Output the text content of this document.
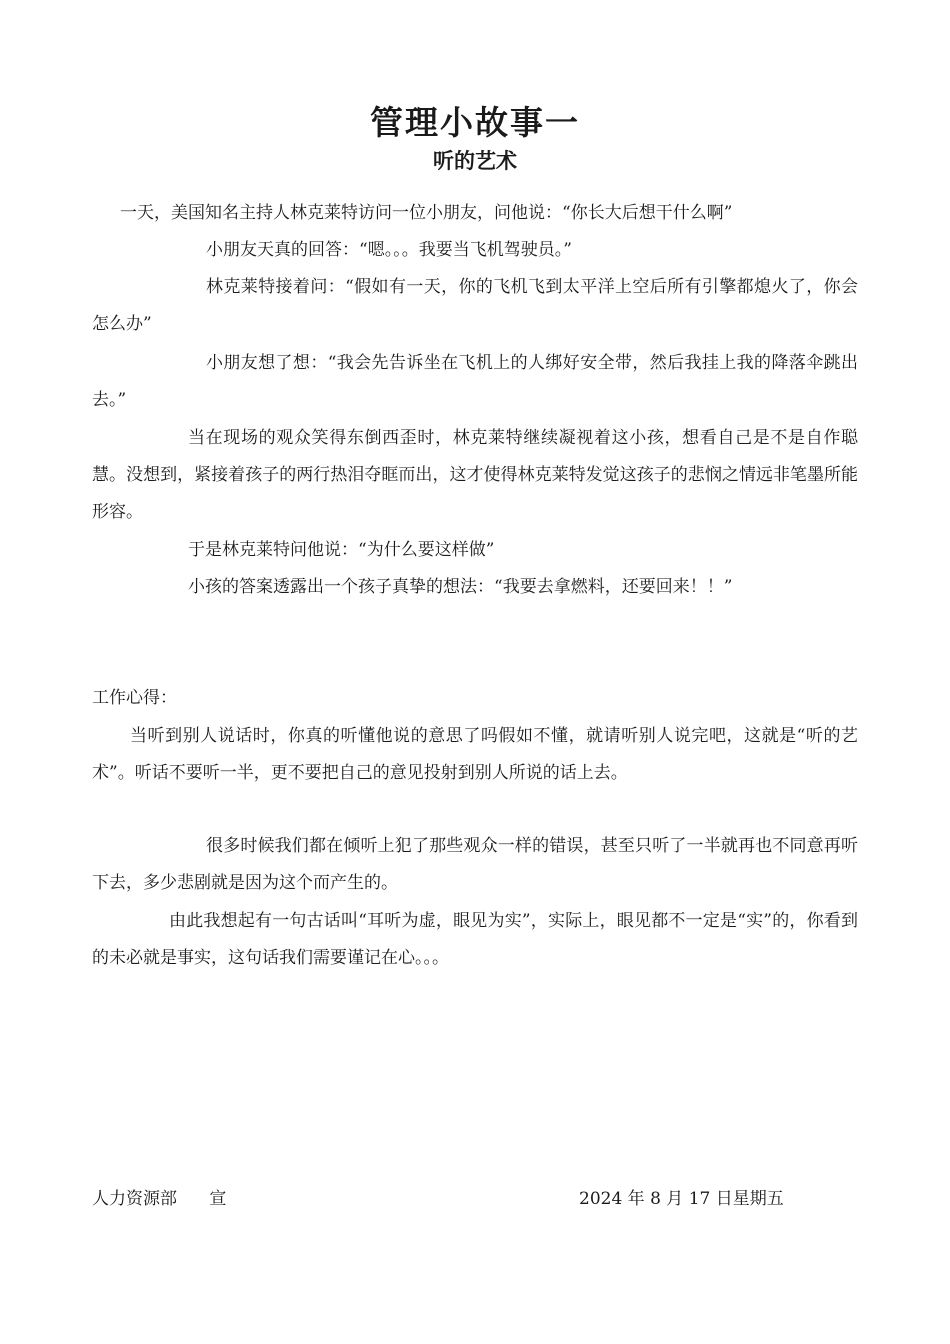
管理小故事一
听的艺术

一天，美国知名主持人林克莱特访问一位小朋友，问他说：“你长大后想干什么啊”

小朋友天真的回答：“嗯。。。我要当飞机驾驶员。”

林克莱特接着问：“假如有一天，你的飞机飞到太平洋上空后所有引擎都熄火了，你会怎么办”

小朋友想了想：“我会先告诉坐在飞机上的人绑好安全带，然后我挂上我的降落伞跳出去。”

当在现场的观众笑得东倒西歪时，林克莱特继续凝视着这小孩，想看自己是不是自作聪慧。没想到，紧接着孩子的两行热泪夺眶而出，这才使得林克莱特发觉这孩子的悲悯之情远非笔墨所能形容。

于是林克莱特问他说：“为什么要这样做”

小孩的答案透露出一个孩子真挚的想法：“我要去拿燃料，还要回来！！”

工作心得：

当听到别人说话时，你真的听懂他说的意思了吗假如不懂，就请听别人说完吧，这就是“听的艺术”。听话不要听一半，更不要把自己的意见投射到别人所说的话上去。

很多时候我们都在倾听上犯了那些观众一样的错误，甚至只听了一半就再也不同意再听下去，多少悲剧就是因为这个而产生的。

由此我想起有一句古话叫“耳听为虚，眼见为实”，实际上，眼见都不一定是“实”的，你看到的未必就是事实，这句话我们需要谨记在心。。。

人力资源部      宣	2024 年 8 月 17 日星期五
